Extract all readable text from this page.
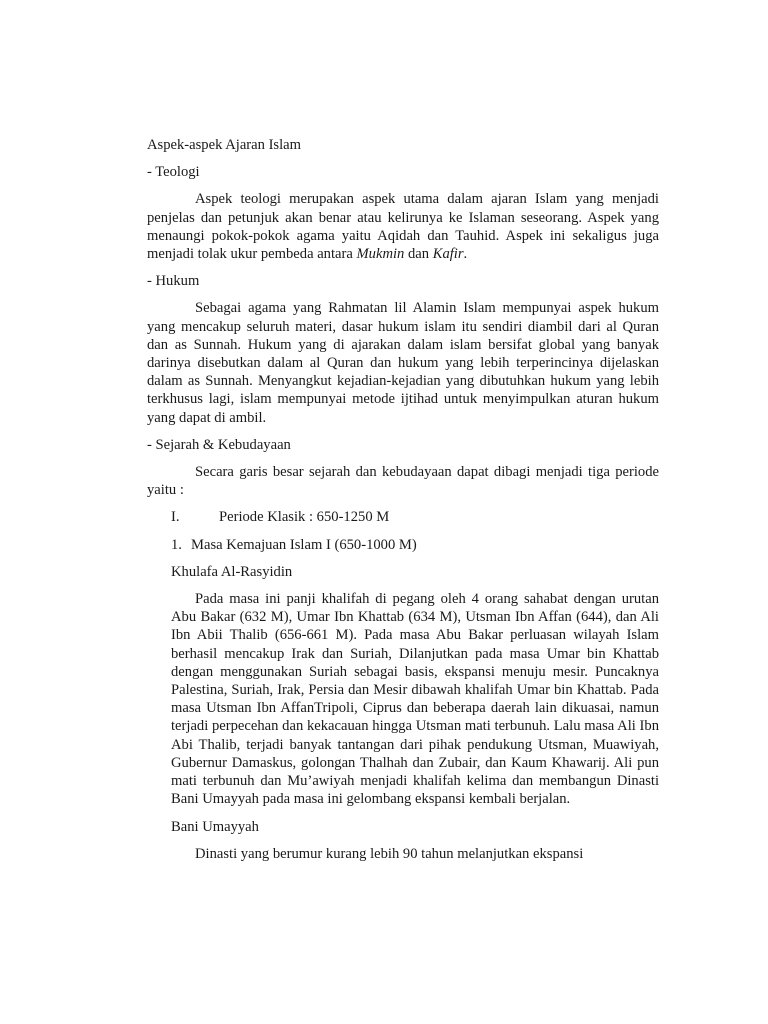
Aspek-aspek Ajaran Islam

- Teologi

Aspek teologi merupakan aspek utama dalam ajaran Islam yang menjadi penjelas dan petunjuk akan benar atau kelirunya ke Islaman seseorang. Aspek yang menaungi pokok-pokok agama yaitu Aqidah dan Tauhid. Aspek ini sekaligus juga menjadi tolak ukur pembeda antara Mukmin dan Kafir.

- Hukum

Sebagai agama yang Rahmatan lil Alamin Islam mempunyai aspek hukum yang mencakup seluruh materi, dasar hukum islam itu sendiri diambil dari al Quran dan as Sunnah. Hukum yang di ajarakan dalam islam bersifat global yang banyak darinya disebutkan dalam al Quran dan hukum yang lebih terperincinya dijelaskan dalam as Sunnah. Menyangkut kejadian-kejadian yang dibutuhkan hukum yang lebih terkhusus lagi, islam mempunyai metode ijtihad untuk menyimpulkan aturan hukum yang dapat di ambil.

- Sejarah & Kebudayaan

Secara garis besar sejarah dan kebudayaan dapat dibagi menjadi tiga periode yaitu :

I.	Periode Klasik : 650-1250 M
1. Masa Kemajuan Islam I (650-1000 M)

Khulafa Al-Rasyidin

Pada masa ini panji khalifah di pegang oleh 4 orang sahabat dengan urutan Abu Bakar (632 M), Umar Ibn Khattab (634 M), Utsman Ibn Affan (644), dan Ali Ibn Abii Thalib (656-661 M). Pada masa Abu Bakar perluasan wilayah Islam berhasil mencakup Irak dan Suriah, Dilanjutkan pada masa Umar bin Khattab dengan menggunakan Suriah sebagai basis, ekspansi menuju mesir. Puncaknya Palestina, Suriah, Irak, Persia dan Mesir dibawah khalifah Umar bin Khattab. Pada masa Utsman Ibn AffanTripoli, Ciprus dan beberapa daerah lain dikuasai, namun terjadi perpecehan dan kekacauan hingga Utsman mati terbunuh. Lalu masa Ali Ibn Abi Thalib, terjadi banyak tantangan dari pihak pendukung Utsman, Muawiyah, Gubernur Damaskus, golongan Thalhah dan Zubair, dan Kaum Khawarij. Ali pun mati terbunuh dan Mu’awiyah menjadi khalifah kelima dan membangun Dinasti Bani Umayyah pada masa ini gelombang ekspansi kembali berjalan.

Bani Umayyah

Dinasti yang berumur kurang lebih 90 tahun melanjutkan ekspansi
